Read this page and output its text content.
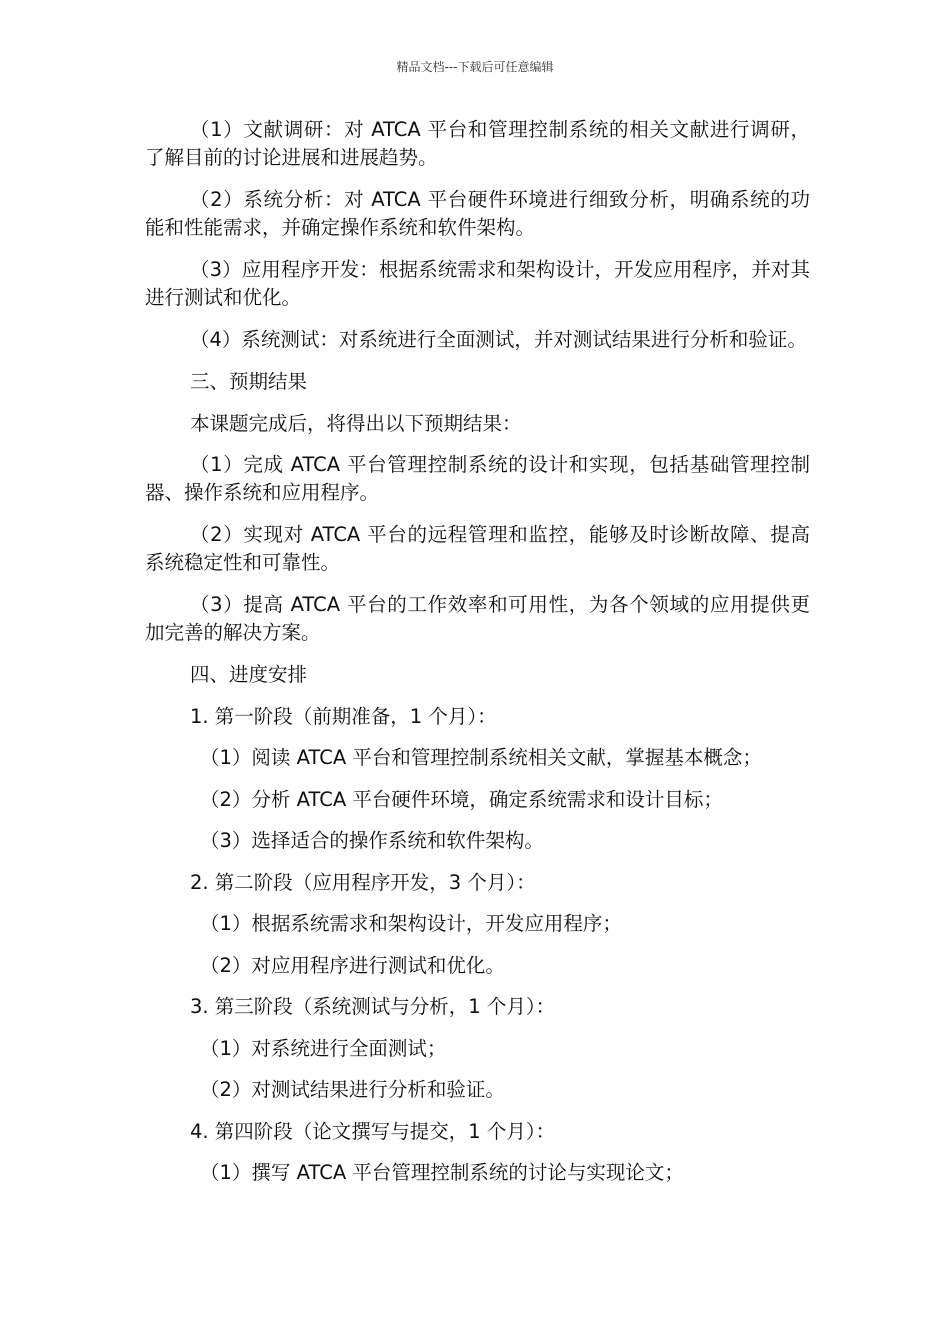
精品文档---下载后可任意编辑

（1）文献调研：对 ATCA 平台和管理控制系统的相关文献进行调研，了解目前的讨论进展和进展趋势。

（2）系统分析：对 ATCA 平台硬件环境进行细致分析，明确系统的功能和性能需求，并确定操作系统和软件架构。

（3）应用程序开发：根据系统需求和架构设计，开发应用程序，并对其进行测试和优化。

（4）系统测试：对系统进行全面测试，并对测试结果进行分析和验证。

三、预期结果

本课题完成后，将得出以下预期结果：

（1）完成 ATCA 平台管理控制系统的设计和实现，包括基础管理控制器、操作系统和应用程序。

（2）实现对 ATCA 平台的远程管理和监控，能够及时诊断故障、提高系统稳定性和可靠性。

（3）提高 ATCA 平台的工作效率和可用性，为各个领域的应用提供更加完善的解决方案。

四、进度安排

1. 第一阶段（前期准备，1 个月）：

（1）阅读 ATCA 平台和管理控制系统相关文献，掌握基本概念；

（2）分析 ATCA 平台硬件环境，确定系统需求和设计目标；

（3）选择适合的操作系统和软件架构。

2. 第二阶段（应用程序开发，3 个月）：

（1）根据系统需求和架构设计，开发应用程序；

（2）对应用程序进行测试和优化。

3. 第三阶段（系统测试与分析，1 个月）：

（1）对系统进行全面测试；

（2）对测试结果进行分析和验证。

4. 第四阶段（论文撰写与提交，1 个月）：

（1）撰写 ATCA 平台管理控制系统的讨论与实现论文；
